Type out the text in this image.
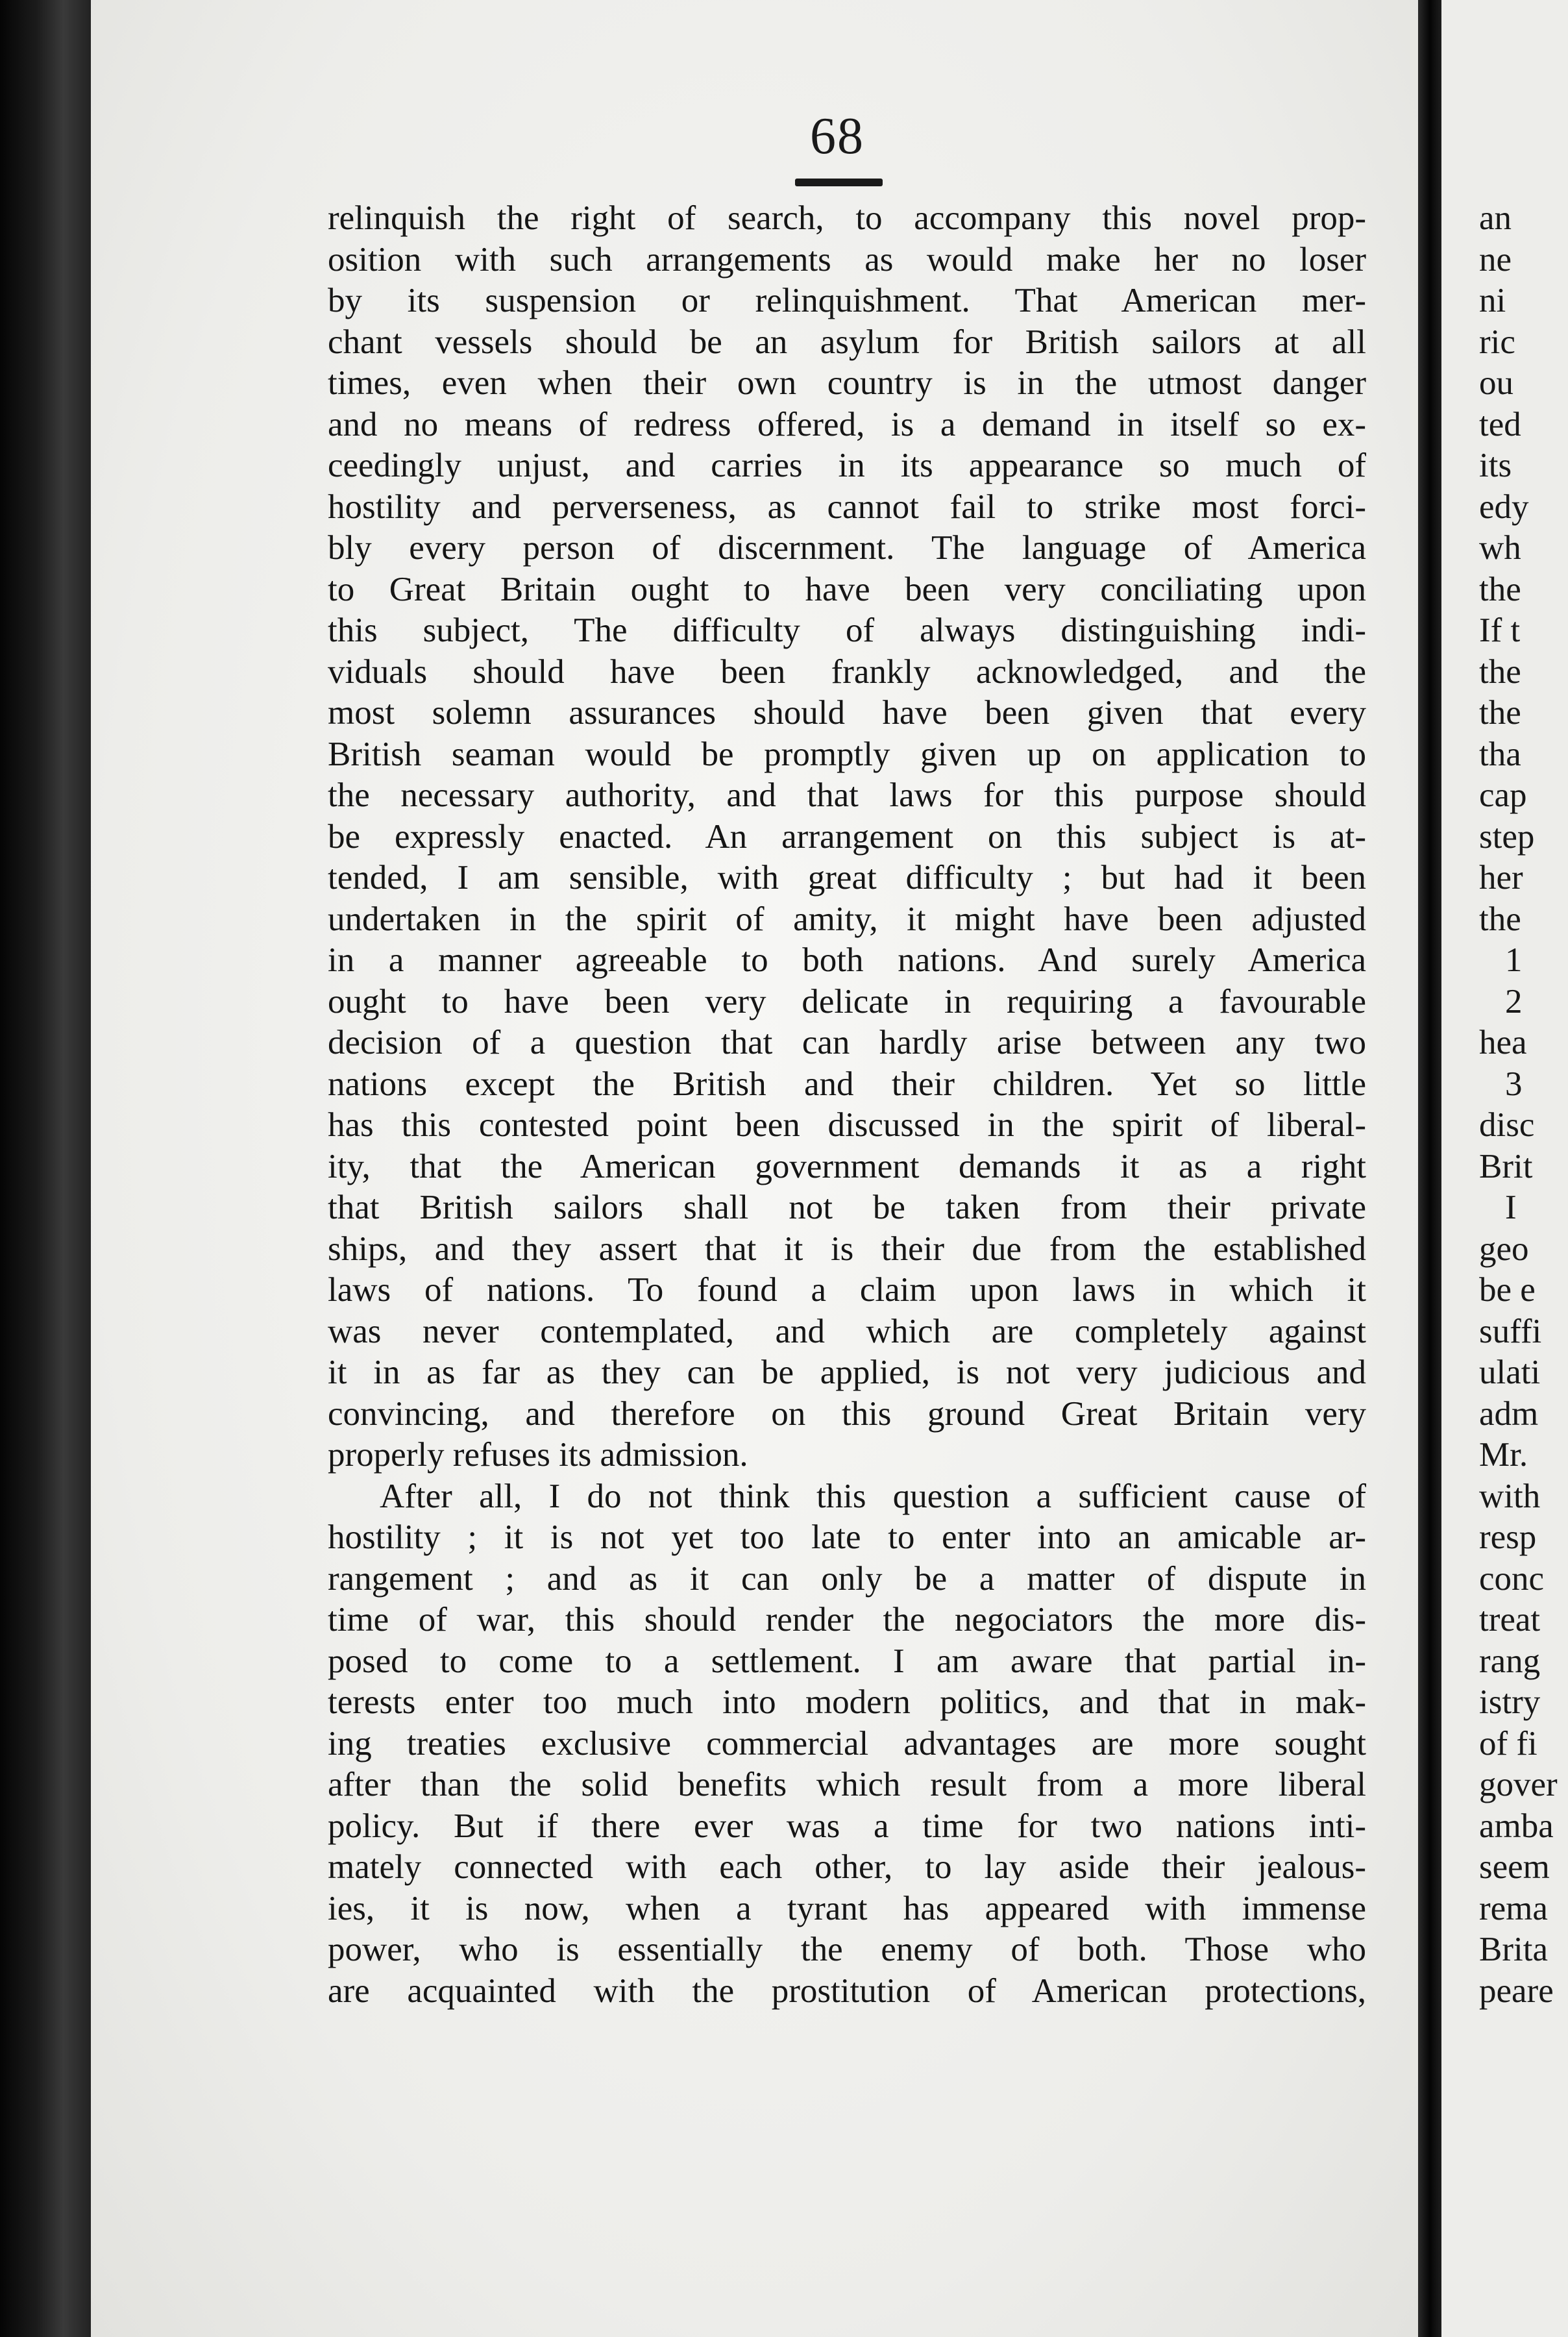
68
relinquish the right of search, to accompany this novel prop-
osition with such arrangements as would make her no loser
by its suspension or relinquishment. That American mer-
chant vessels should be an asylum for British sailors at all
times, even when their own country is in the utmost danger
and no means of redress offered, is a demand in itself so ex-
ceedingly unjust, and carries in its appearance so much of
hostility and perverseness, as cannot fail to strike most forci-
bly every person of discernment. The language of America
to Great Britain ought to have been very conciliating upon
this subject, The difficulty of always distinguishing indi-
viduals should have been frankly acknowledged, and the
most solemn assurances should have been given that every
British seaman would be promptly given up on application to
the necessary authority, and that laws for this purpose should
be expressly enacted. An arrangement on this subject is at-
tended, I am sensible, with great difficulty ; but had it been
undertaken in the spirit of amity, it might have been adjusted
in a manner agreeable to both nations. And surely America
ought to have been very delicate in requiring a favourable
decision of a question that can hardly arise between any two
nations except the British and their children. Yet so little
has this contested point been discussed in the spirit of liberal-
ity, that the American government demands it as a right
that British sailors shall not be taken from their private
ships, and they assert that it is their due from the established
laws of nations. To found a claim upon laws in which it
was never contemplated, and which are completely against
it in as far as they can be applied, is not very judicious and
convincing, and therefore on this ground Great Britain very
properly refuses its admission.
After all, I do not think this question a sufficient cause of
hostility ; it is not yet too late to enter into an amicable ar-
rangement ; and as it can only be a matter of dispute in
time of war, this should render the negociators the more dis-
posed to come to a settlement. I am aware that partial in-
terests enter too much into modern politics, and that in mak-
ing treaties exclusive commercial advantages are more sought
after than the solid benefits which result from a more liberal
policy. But if there ever was a time for two nations inti-
mately connected with each other, to lay aside their jealous-
ies, it is now, when a tyrant has appeared with immense
power, who is essentially the enemy of both. Those who
are acquainted with the prostitution of American protections,
an
ne
ni
ric
ou
ted
its
edy
wh
the
If t
the
the
tha
cap
step
her
the
1
2
hea
3
disc
Brit
I
geo
be e
suffi
ulati
adm
Mr.
with
resp
conc
treat
rang
istry
of fi
gover
amba
seem
rema
Brita
peare
